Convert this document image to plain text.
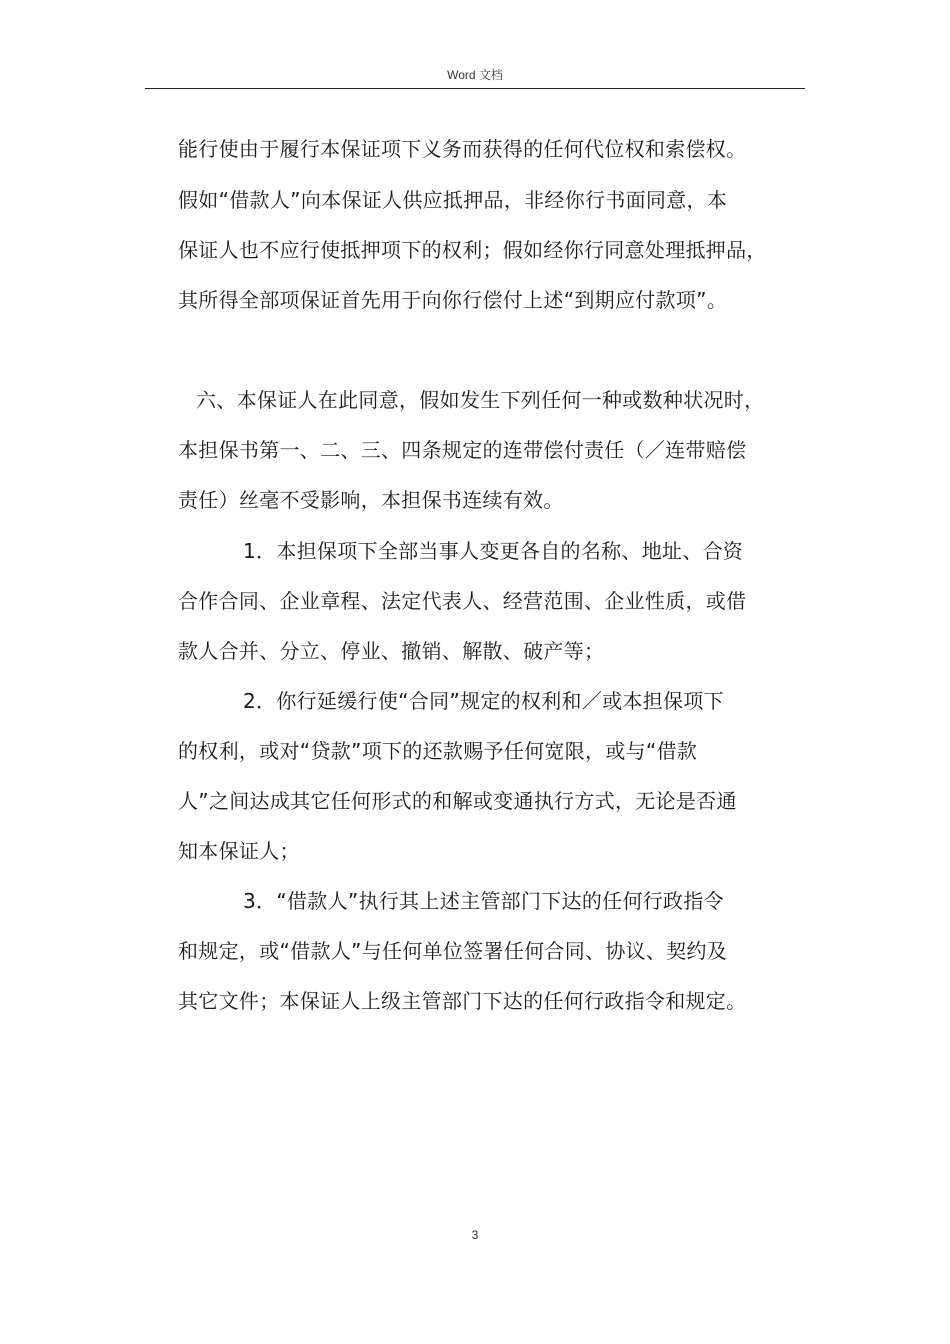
Word 文档
能行使由于履行本保证项下义务而获得的任何代位权和索偿权。
假如“借款人”向本保证人供应抵押品，非经你行书面同意，本
保证人也不应行使抵押项下的权利；假如经你行同意处理抵押品，
其所得全部项保证首先用于向你行偿付上述“到期应付款项”。
六、本保证人在此同意，假如发生下列任何一种或数种状况时，
本担保书第一、二、三、四条规定的连带偿付责任（／连带赔偿
责任）丝毫不受影响，本担保书连续有效。
1．本担保项下全部当事人变更各自的名称、地址、合资
合作合同、企业章程、法定代表人、经营范围、企业性质，或借
款人合并、分立、停业、撤销、解散、破产等；
2．你行延缓行使“合同”规定的权利和／或本担保项下
的权利，或对“贷款”项下的还款赐予任何宽限，或与“借款
人”之间达成其它任何形式的和解或变通执行方式，无论是否通
知本保证人；
3．“借款人”执行其上述主管部门下达的任何行政指令
和规定，或“借款人”与任何单位签署任何合同、协议、契约及
其它文件；本保证人上级主管部门下达的任何行政指令和规定。
3
